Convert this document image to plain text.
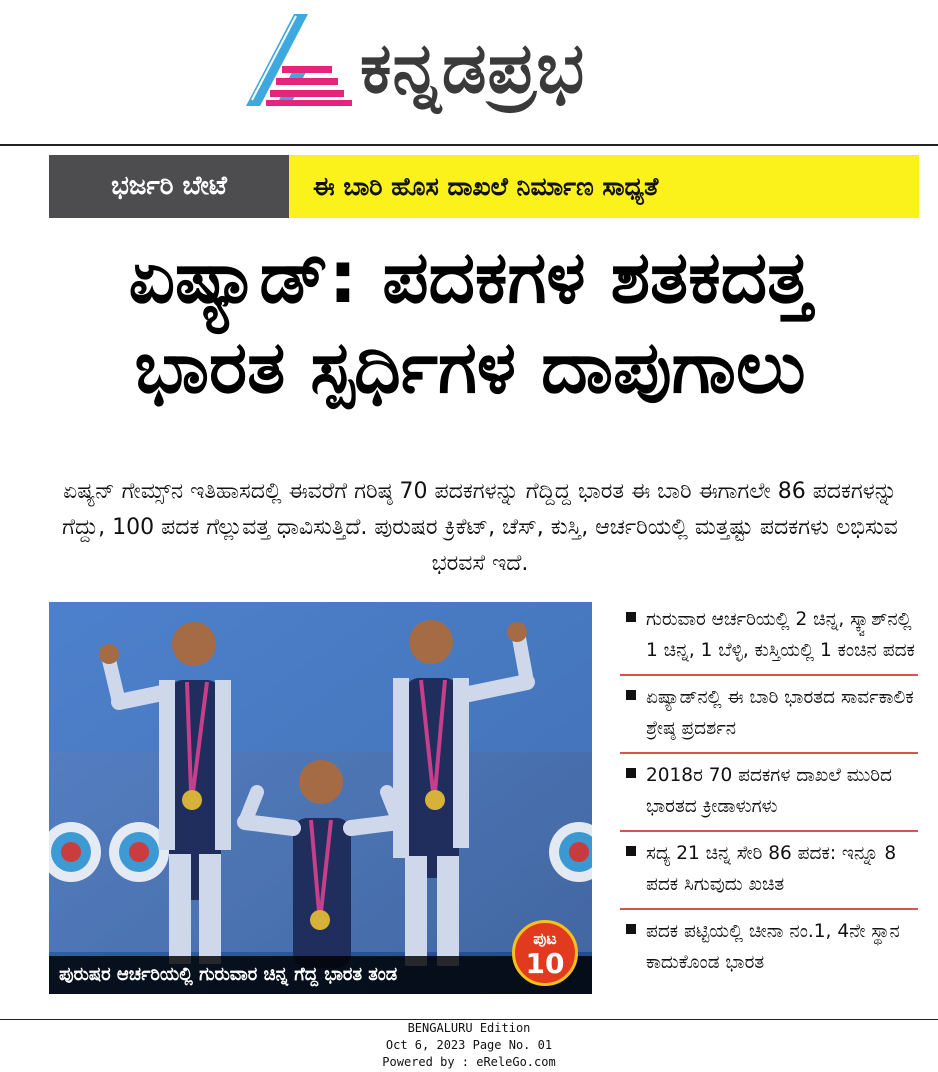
ಕನ್ನಡಪ್ರಭ
ಭರ್ಜರಿ ಬೇಟೆ	ಈ ಬಾರಿ ಹೊಸ ದಾಖಲೆ ನಿರ್ಮಾಣ ಸಾಧ್ಯತೆ
ಏಷ್ಯಾಡ್: ಪದಕಗಳ ಶತಕದತ್ತ
ಭಾರತ ಸ್ಪರ್ಧಿಗಳ ದಾಪುಗಾಲು
ಏಷ್ಯನ್ ಗೇಮ್ಸ್‌ನ ಇತಿಹಾಸದಲ್ಲಿ ಈವರೆಗೆ ಗರಿಷ್ಠ 70 ಪದಕಗಳನ್ನು ಗೆದ್ದಿದ್ದ ಭಾರತ ಈ ಬಾರಿ ಈಗಾಗಲೇ 86 ಪದಕಗಳನ್ನು ಗೆದ್ದು, 100 ಪದಕ ಗೆಲ್ಲುವತ್ತ ಧಾವಿಸುತ್ತಿದೆ. ಪುರುಷರ ಕ್ರಿಕೆಟ್, ಚೆಸ್, ಕುಸ್ತಿ, ಆರ್ಚರಿಯಲ್ಲಿ ಮತ್ತಷ್ಟು ಪದಕಗಳು ಲಭಿಸುವ ಭರವಸೆ ಇದೆ.
ಪುರುಷರ ಆರ್ಚರಿಯಲ್ಲಿ ಗುರುವಾರ ಚಿನ್ನ ಗೆದ್ದ ಭಾರತ ತಂಡ
ಪುಟ
10
ಗುರುವಾರ ಆರ್ಚರಿಯಲ್ಲಿ 2 ಚಿನ್ನ, ಸ್ಕ್ವಾಶ್‌ನಲ್ಲಿ 1 ಚಿನ್ನ, 1 ಬೆಳ್ಳಿ, ಕುಸ್ತಿಯಲ್ಲಿ 1 ಕಂಚಿನ ಪದಕ
ಏಷ್ಯಾಡ್‌ನಲ್ಲಿ ಈ ಬಾರಿ ಭಾರತದ ಸಾರ್ವಕಾಲಿಕ ಶ್ರೇಷ್ಠ ಪ್ರದರ್ಶನ
2018ರ 70 ಪದಕಗಳ ದಾಖಲೆ ಮುರಿದ ಭಾರತದ ಕ್ರೀಡಾಳುಗಳು
ಸದ್ಯ 21 ಚಿನ್ನ ಸೇರಿ 86 ಪದಕ: ಇನ್ನೂ 8 ಪದಕ ಸಿಗುವುದು ಖಚಿತ
ಪದಕ ಪಟ್ಟಿಯಲ್ಲಿ ಚೀನಾ ನಂ.1, 4ನೇ ಸ್ಥಾನ ಕಾದುಕೊಂಡ ಭಾರತ
BENGALURU Edition
Oct 6, 2023 Page No. 01
Powered by : eReleGo.com
